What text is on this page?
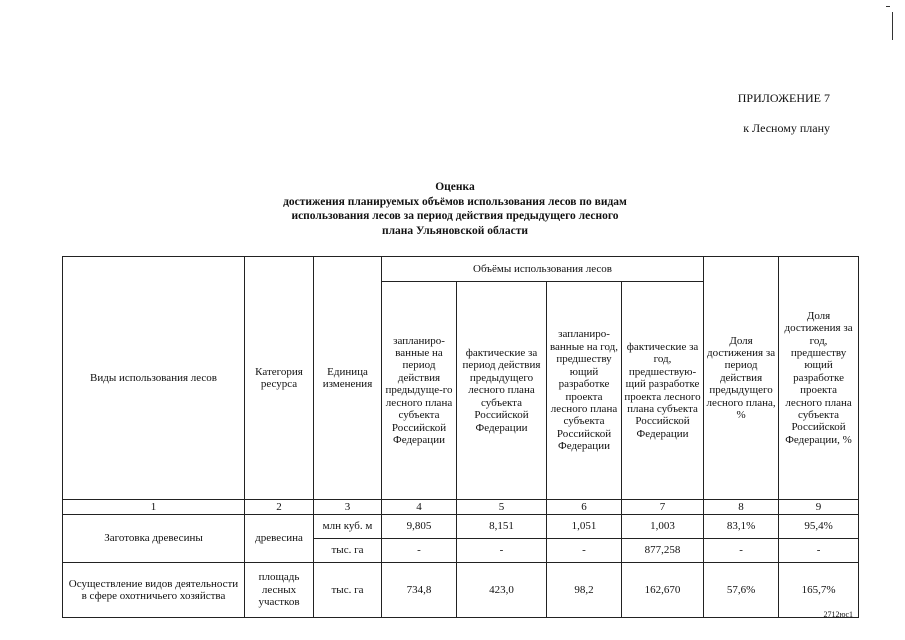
ПРИЛОЖЕНИЕ 7
к Лесному плану
Оценка
достижения планируемых объёмов использования лесов по видам
использования лесов за период действия предыдущего лесного
плана Ульяновской области
Виды использования лесов	Категория ресурса	Единица изменения	Объёмы использования лесов				Доля достижения за период действия предыдущего лесного плана, %	Доля достижения за год, предшеству ющий разработке проекта лесного плана субъекта Российской Федерации, %
			запланиро-ванные на период действия предыдуще-го лесного плана субъекта Российской Федерации	фактические за период действия предыдущего лесного плана субъекта Российской Федерации	запланиро-ванные на год, предшеству ющий разработке проекта лесного плана субъекта Российской Федерации	фактические за год, предшествую-щий разработке проекта лесного плана субъекта Российской Федерации		
1	2	3	4	5	6	7	8	9
Заготовка древесины	древесина	млн куб. м	9,805	8,151	1,051	1,003	83,1%	95,4%
		тыс. га	-	-	-	877,258	-	-
Осуществление видов деятельности в сфере охотничьего хозяйства	площадь лесных участков	тыс. га	734,8	423,0	98,2	162,670	57,6%	165,7%
2712юс1
